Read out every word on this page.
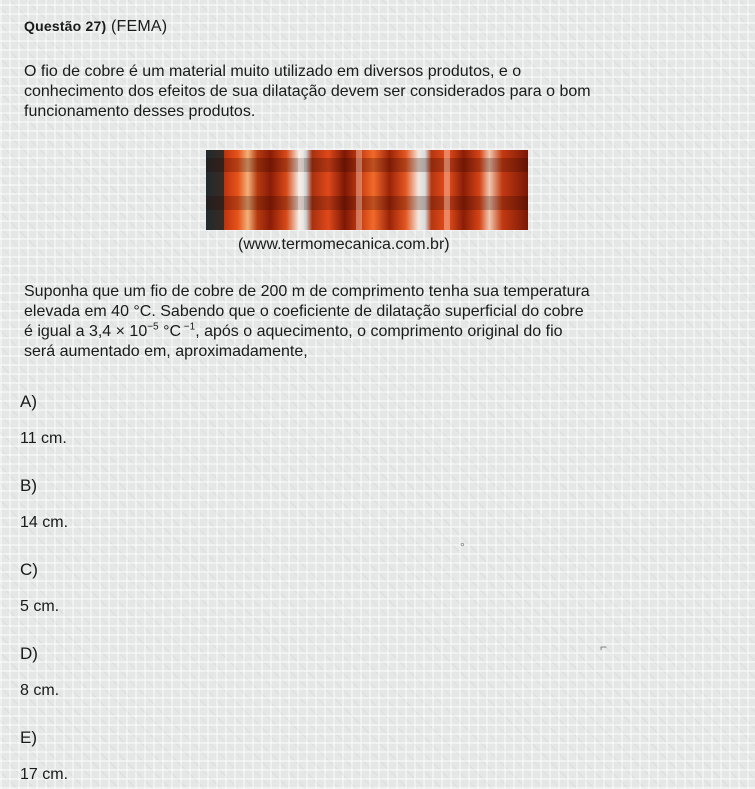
Questão 27) (FEMA)
O fio de cobre é um material muito utilizado em diversos produtos, e o
conhecimento dos efeitos de sua dilatação devem ser considerados para o bom
funcionamento desses produtos.
(www.termomecanica.com.br)
Suponha que um fio de cobre de 200 m de comprimento tenha sua temperatura
elevada em 40 °C. Sabendo que o coeficiente de dilatação superficial do cobre
é igual a $3,4 \times 10^{-5}$ °C $^{-1}$, após o aquecimento, o comprimento original do fio
será aumentado em, aproximadamente,
A)
11 cm.
B)
14 cm.
C)
5 cm.
D)
8 cm.
E)
17 cm.
°
⌐
